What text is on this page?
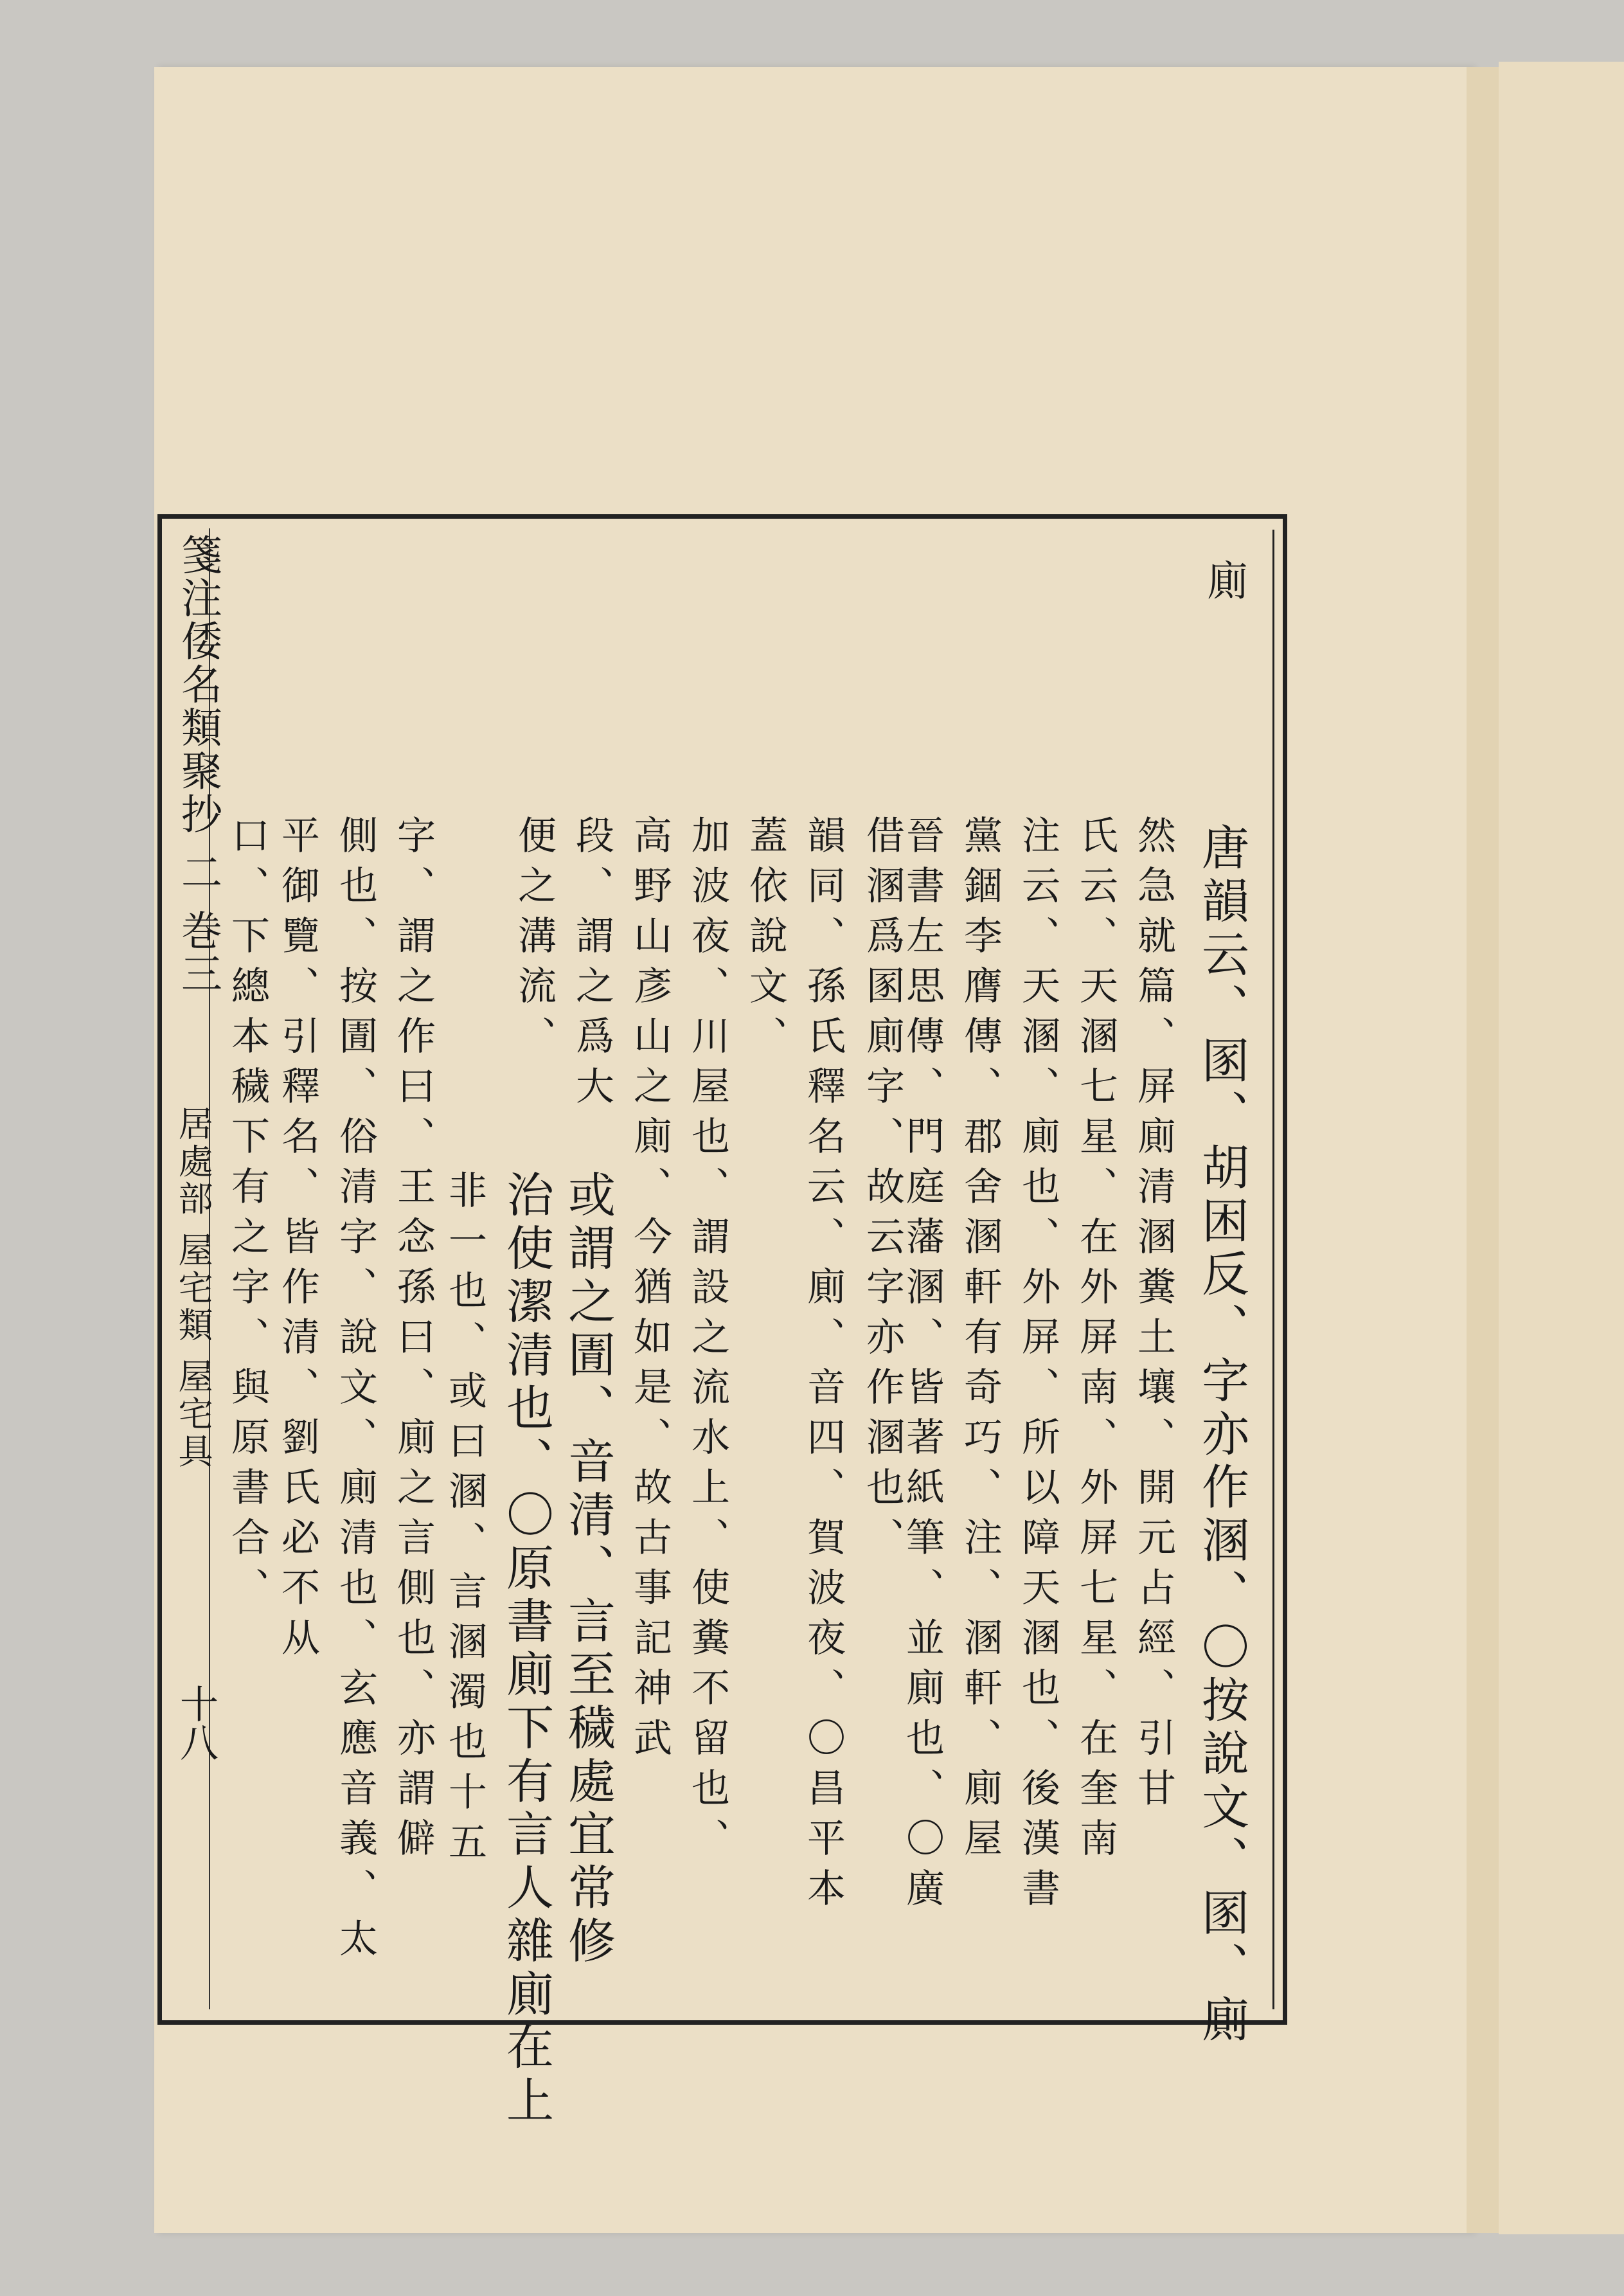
箋注倭名類聚抄 二 巻三
居處部 屋宅類 屋宅具
十八
廁
唐韻云、圂、胡困反、字亦作溷、〇按說文、圂、廁
然急就篇、屏廁清溷糞土壤、開元占經、引甘
氏云、天溷七星、在外屏南、外屏七星、在奎南
注云、天溷、廁也、外屏、所以障天溷也、後漢書
黨錮李膺傳、郡舍溷軒有奇巧、注、溷軒、廁屋
晉書左思傳、門庭藩溷、皆著紙筆、並廁也、〇廣
韻同、孫氏釋名云、廁、音四、賀波夜、〇昌平本 借溷爲圂廁字、故云字亦作溷也、
蓋依說文、
加波夜、川屋也、謂設之流水上、使糞不留也、
高野山彥山之廁、今猶如是、故古事記神武
段、謂之爲大
便之溝流、
或謂之圊、音清、言至穢處宜常修
治使潔清也、〇原書廁下有言人雜廁在上
非一也、或曰溷、言溷濁也十五
字、謂之作曰、王念孫曰、廁之言側也、亦謂僻
側也、按圊、俗清字、說文、廁清也、玄應音義、太
平御覽、引釋名、皆作清、劉氏必不从
口、下總本穢下有之字、與原書合、
